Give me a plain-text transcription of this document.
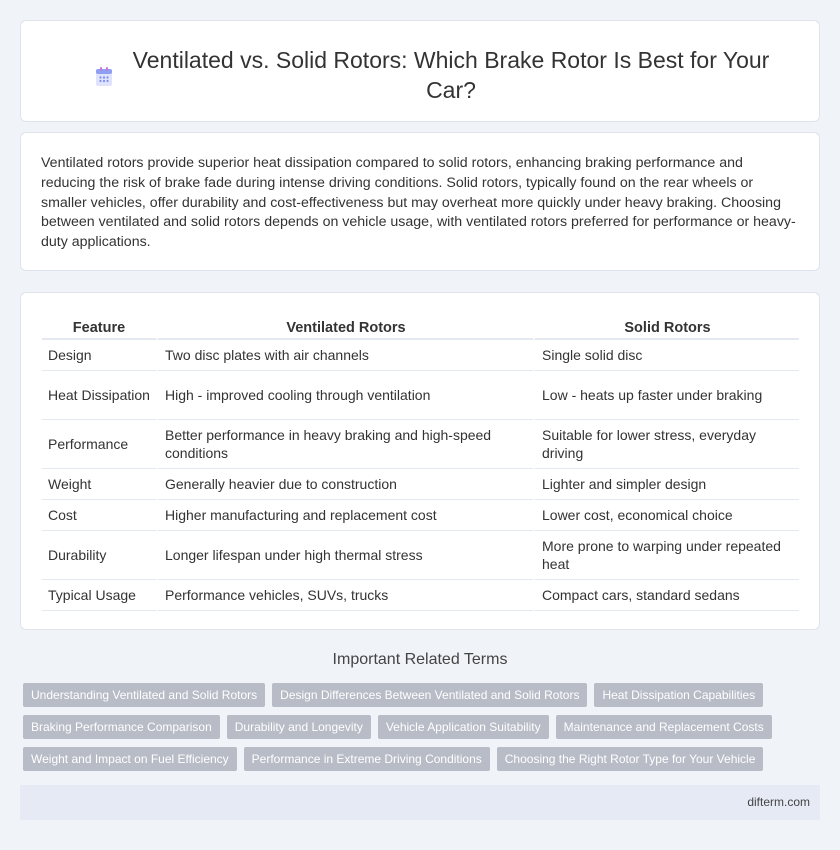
Ventilated vs. Solid Rotors: Which Brake Rotor Is Best for Your
Car?

Ventilated rotors provide superior heat dissipation compared to solid rotors, enhancing braking performance and reducing the risk of brake fade during intense driving conditions. Solid rotors, typically found on the rear wheels or smaller vehicles, offer durability and cost-effectiveness but may overheat more quickly under heavy braking. Choosing between ventilated and solid rotors depends on vehicle usage, with ventilated rotors preferred for performance or heavy-duty applications.

Feature	Ventilated Rotors	Solid Rotors
Design	Two disc plates with air channels	Single solid disc
Heat Dissipation	High - improved cooling through ventilation	Low - heats up faster under braking
Performance	Better performance in heavy braking and high-speed conditions	Suitable for lower stress, everyday driving
Weight	Generally heavier due to construction	Lighter and simpler design
Cost	Higher manufacturing and replacement cost	Lower cost, economical choice
Durability	Longer lifespan under high thermal stress	More prone to warping under repeated heat
Typical Usage	Performance vehicles, SUVs, trucks	Compact cars, standard sedans
Important Related Terms
Understanding Ventilated and Solid Rotors	Design Differences Between Ventilated and Solid Rotors	Heat Dissipation Capabilities
Braking Performance Comparison	Durability and Longevity	Vehicle Application Suitability	Maintenance and Replacement Costs
Weight and Impact on Fuel Efficiency	Performance in Extreme Driving Conditions	Choosing the Right Rotor Type for Your Vehicle
difterm.com
